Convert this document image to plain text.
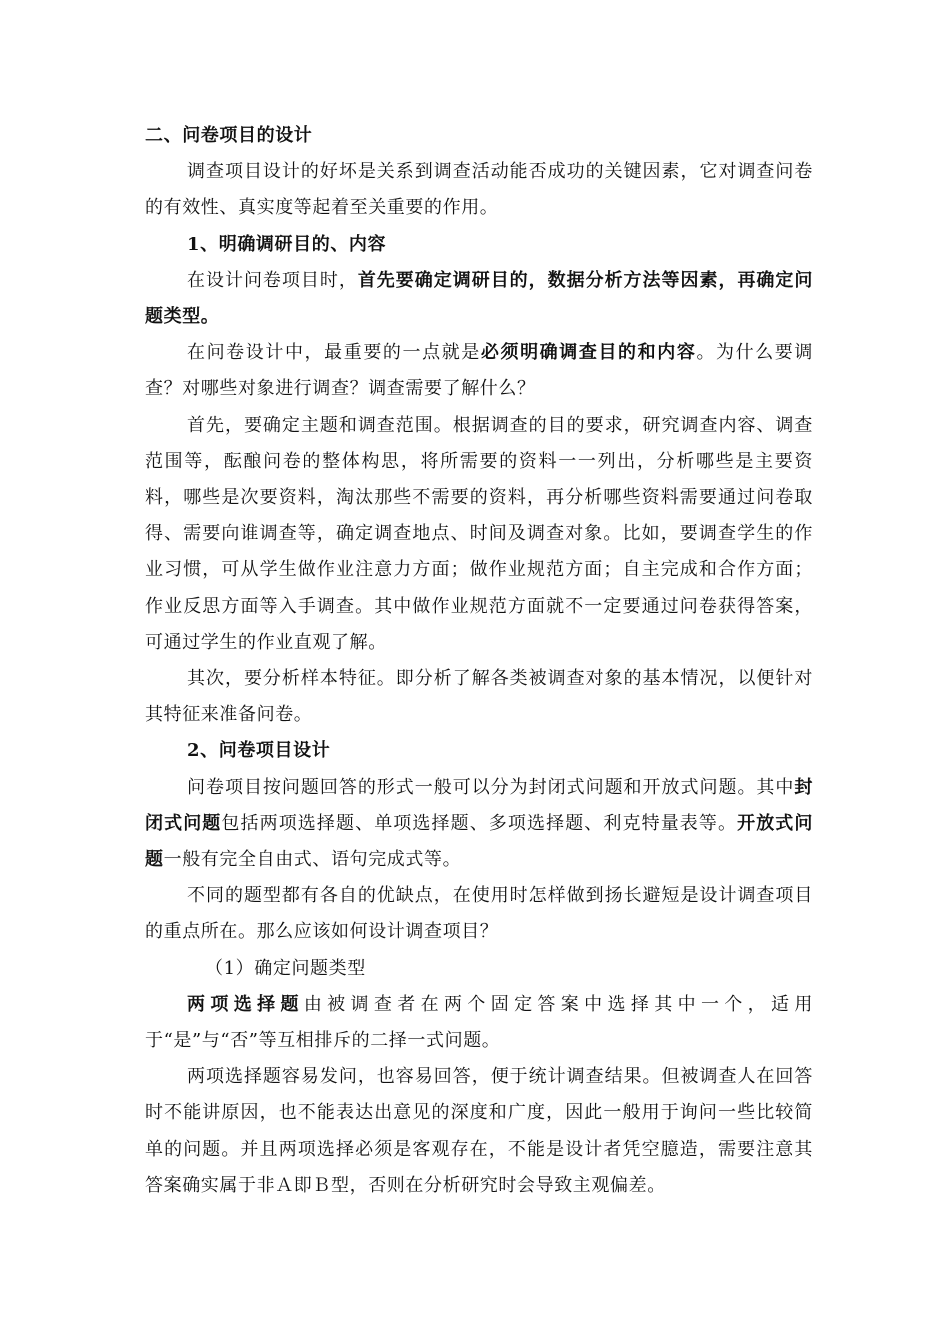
二、问卷项目的设计

调查项目设计的好坏是关系到调查活动能否成功的关键因素，它对调查问卷的有效性、真实度等起着至关重要的作用。

1、明确调研目的、内容

在设计问卷项目时，首先要确定调研目的，数据分析方法等因素，再确定问题类型。

在问卷设计中，最重要的一点就是必须明确调查目的和内容。为什么要调查？对哪些对象进行调查？调查需要了解什么？

首先，要确定主题和调查范围。根据调查的目的要求，研究调查内容、调查范围等，酝酿问卷的整体构思，将所需要的资料一一列出，分析哪些是主要资料，哪些是次要资料，淘汰那些不需要的资料，再分析哪些资料需要通过问卷取得、需要向谁调查等，确定调查地点、时间及调查对象。比如，要调查学生的作业习惯，可从学生做作业注意力方面；做作业规范方面；自主完成和合作方面；作业反思方面等入手调查。其中做作业规范方面就不一定要通过问卷获得答案，可通过学生的作业直观了解。

其次，要分析样本特征。即分析了解各类被调查对象的基本情况，以便针对其特征来准备问卷。

2、问卷项目设计

问卷项目按问题回答的形式一般可以分为封闭式问题和开放式问题。其中封闭式问题包括两项选择题、单项选择题、多项选择题、利克特量表等。开放式问题一般有完全自由式、语句完成式等。

不同的题型都有各自的优缺点，在使用时怎样做到扬长避短是设计调查项目的重点所在。那么应该如何设计调查项目？

（1）确定问题类型

两项选择题由被调查者在两个固定答案中选择其中一个，适用于“是”与“否”等互相排斥的二择一式问题。

两项选择题容易发问，也容易回答，便于统计调查结果。但被调查人在回答时不能讲原因，也不能表达出意见的深度和广度，因此一般用于询问一些比较简单的问题。并且两项选择必须是客观存在，不能是设计者凭空臆造，需要注意其答案确实属于非Ａ即Ｂ型，否则在分析研究时会导致主观偏差。
